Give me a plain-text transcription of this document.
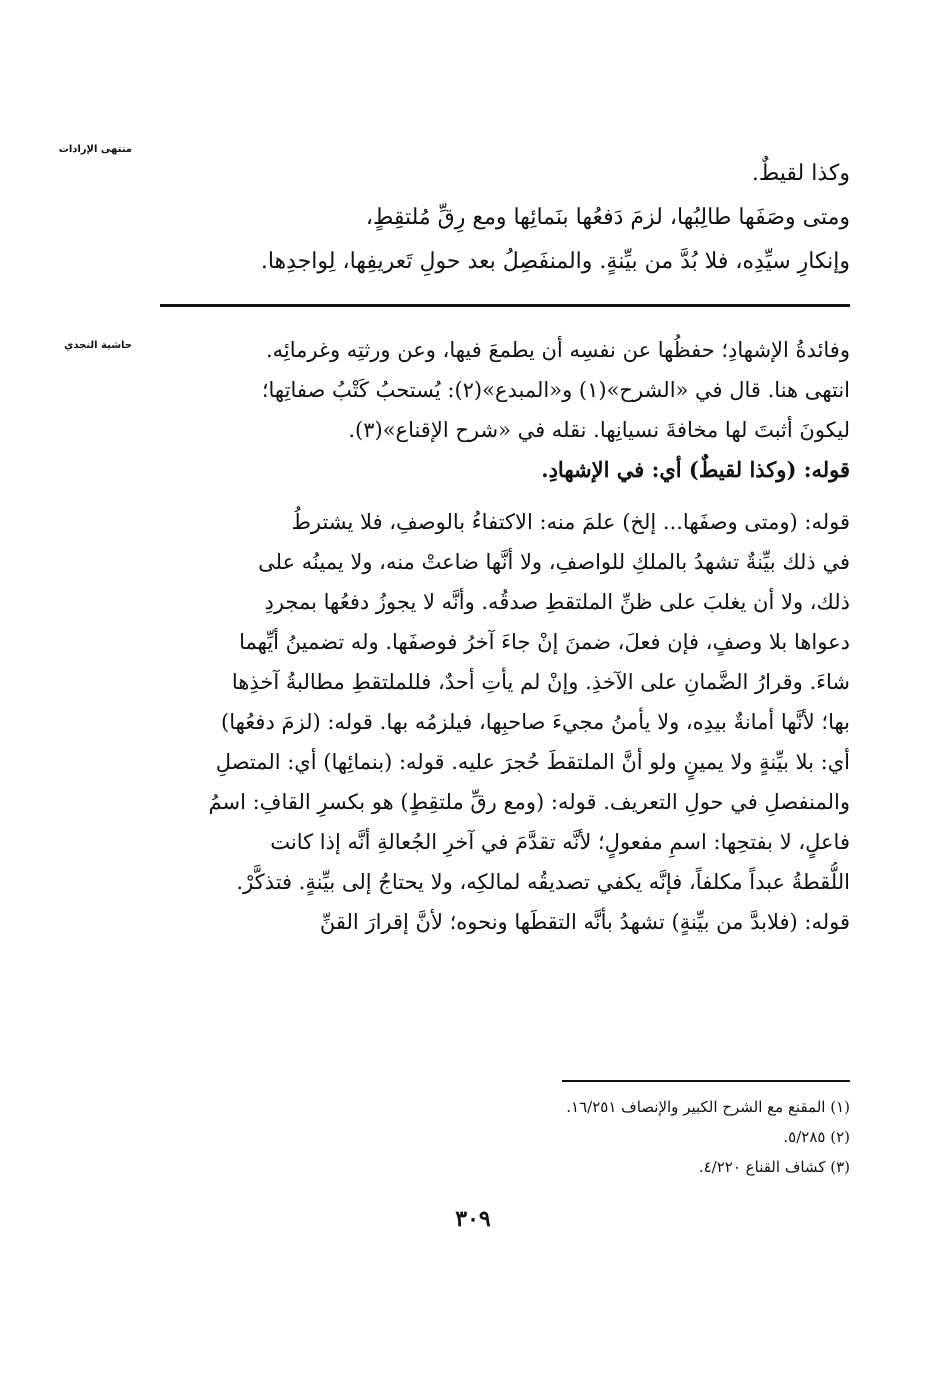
منتهى الإرادات
حاشية النجدي
وكذا لقيطٌ.
ومتى وصَفَها طالِبُها، لزمَ دَفعُها بنَمائِها ومع رِقِّ مُلتقِطٍ،
وإنكارِ سيِّدِه، فلا بُدَّ من بيِّنةٍ. والمنفَصِلُ بعد حولِ تَعريفِها، لِواجدِها.
وفائدةُ الإشهادِ؛ حفظُها عن نفسِه أن يطمعَ فيها، وعن ورثتِه وغرمائِه.
انتهى هنا. قال في «الشرح»(١) و«المبدع»(٢): يُستحبُ كَتْبُ صفاتِها؛
ليكونَ أثبتَ لها مخافةَ نسيانِها. نقله في «شرح الإقناع»(٣).
قوله: (وكذا لقيطٌ) أي: في الإشهادِ.
قوله: (ومتى وصفَها... إلخ) علمَ منه: الاكتفاءُ بالوصفِ، فلا يشترطُ
في ذلك بيِّنةٌ تشهدُ بالملكِ للواصفِ، ولا أنَّها ضاعتْ منه، ولا يمينُه على
ذلك، ولا أن يغلبَ على ظنِّ الملتقطِ صدقُه. وأنَّه لا يجوزُ دفعُها بمجردِ
دعواها بلا وصفٍ، فإن فعلَ، ضمنَ إنْ جاءَ آخرُ فوصفَها. وله تضمينُ أيِّهما
شاءَ. وقرارُ الضَّمانِ على الآخذِ. وإنْ لم يأتِ أحدٌ، فللملتقطِ مطالبةُ آخذِها
بها؛ لأنَّها أمانةٌ بيدِه، ولا يأمنُ مجيءَ صاحبِها، فيلزمُه بها. قوله: (لزمَ دفعُها)
أي: بلا بيِّنةٍ ولا يمينٍ ولو أنَّ الملتقطَ حُجرَ عليه. قوله: (بنمائِها) أي: المتصلِ
والمنفصلِ في حولِ التعريف. قوله: (ومع رقِّ ملتقِطٍ) هو بكسرِ القافِ: اسمُ
فاعلٍ، لا بفتحِها: اسمِ مفعولٍ؛ لأنَّه تقدَّمَ في آخرِ الجُعالةِ أنَّه إذا كانت
اللُّقطةُ عبداً مكلفاً، فإنَّه يكفي تصديقُه لمالكِه، ولا يحتاجُ إلى بيِّنةٍ. فتذكَّرْ.
قوله: (فلابدَّ من بيِّنةٍ) تشهدُ بأنَّه التقطَها ونحوه؛ لأنَّ إقرارَ القنِّ
(١) المقنع مع الشرح الكبير والإنصاف ١٦/٢٥١.
(٢) ٥/٢٨٥.
(٣) كشاف القناع ٤/٢٢٠.
٣٠٩
